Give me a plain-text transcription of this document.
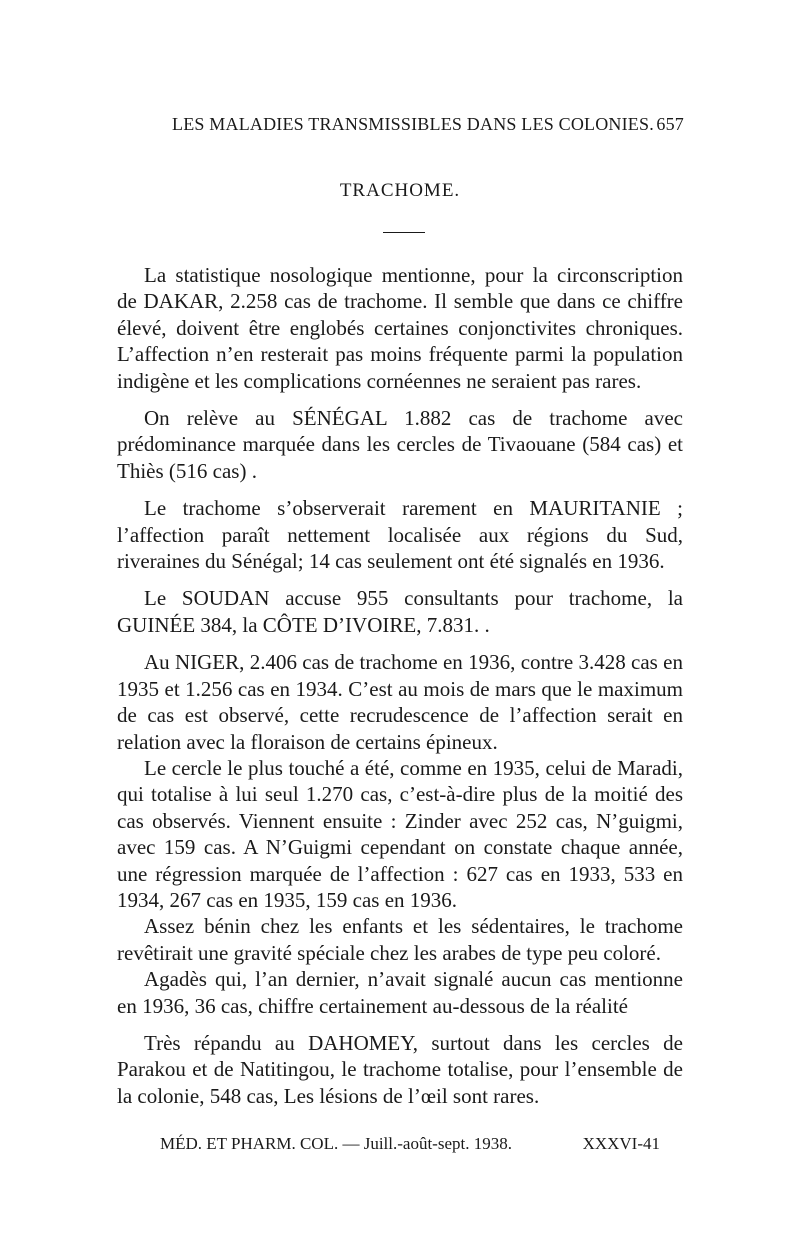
LES MALADIES TRANSMISSIBLES DANS LES COLONIES. 657
TRACHOME.

La statistique nosologique mentionne, pour la circonscription de DAKAR, 2.258 cas de trachome. Il semble que dans ce chiffre élevé, doivent être englobés certaines conjonctivites chroniques. L’affection n’en resterait pas moins fréquente parmi la population indigène et les complications cornéennes ne seraient pas rares.

On relève au SÉNÉGAL 1.882 cas de trachome avec prédominance marquée dans les cercles de Tivaouane (584 cas) et Thiès (516 cas) .

Le trachome s’observerait rarement en MAURITANIE ; l’affection paraît nettement localisée aux régions du Sud, riveraines du Sénégal; 14 cas seulement ont été signalés en 1936.

Le SOUDAN accuse 955 consultants pour trachome, la GUINÉE 384, la CÔTE D’IVOIRE, 7.831. .

Au NIGER, 2.406 cas de trachome en 1936, contre 3.428 cas en 1935 et 1.256 cas en 1934. C’est au mois de mars que le maximum de cas est observé, cette recrudescence de l’affection serait en relation avec la floraison de certains épineux.

Le cercle le plus touché a été, comme en 1935, celui de Maradi, qui totalise à lui seul 1.270 cas, c’est-à-dire plus de la moitié des cas observés. Viennent ensuite : Zinder avec 252 cas, N’guigmi, avec 159 cas. A N’Guigmi cependant on constate chaque année, une régression marquée de l’affection : 627 cas en 1933, 533 en 1934, 267 cas en 1935, 159 cas en 1936.

Assez bénin chez les enfants et les sédentaires, le trachome revêtirait une gravité spéciale chez les arabes de type peu coloré.

Agadès qui, l’an dernier, n’avait signalé aucun cas mentionne en 1936, 36 cas, chiffre certainement au-dessous de la réalité

Très répandu au DAHOMEY, surtout dans les cercles de Parakou et de Natitingou, le trachome totalise, pour l’ensemble de la colonie, 548 cas, Les lésions de l’œil sont rares.

MÉD. ET PHARM. COL. — Juill.-août-sept. 1938.	XXXVI-41
